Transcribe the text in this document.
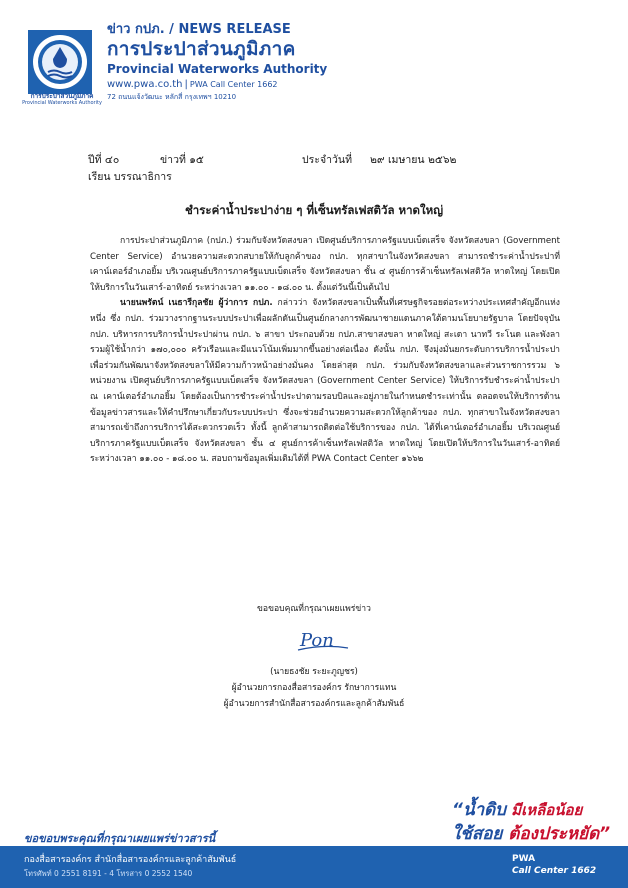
การประปาส่วนภูมิภาค
Provincial Waterworks Authority
ข่าว กปภ. / NEWS RELEASE
การประปาส่วนภูมิภาค
Provincial Waterworks Authority
www.pwa.co.th | PWA Call Center 1662
72 ถนนแจ้งวัฒนะ หลักสี่ กรุงเทพฯ 10210
ปีที่ ๔๐	ข่าวที่ ๑๕	ประจำวันที่ ๒๙ เมษายน ๒๕๖๒
เรียน บรรณาธิการ
ชำระค่าน้ำประปาง่าย ๆ ที่เซ็นทรัลเฟสติวัล หาดใหญ่

การประปาส่วนภูมิภาค (กปภ.) ร่วมกับจังหวัดสงขลา เปิดศูนย์บริการภาครัฐแบบเบ็ดเสร็จ จังหวัดสงขลา (Government Center Service) อำนวยความสะดวกสบายให้กับลูกค้าของ กปภ. ทุกสาขาในจังหวัดสงขลา สามารถชำระค่าน้ำประปาที่เคาน์เตอร์อำเภอยิ้ม บริเวณศูนย์บริการภาครัฐแบบเบ็ดเสร็จ จังหวัดสงขลา ชั้น ๔ ศูนย์การค้าเซ็นทรัลเฟสติวัล หาดใหญ่ โดยเปิดให้บริการในวันเสาร์-อาทิตย์ ระหว่างเวลา ๑๑.๐๐ - ๑๘.๐๐ น. ตั้งแต่วันนี้เป็นต้นไป

นายนพรัตน์ เนธารีกุลชัย ผู้ว่าการ กปภ. กล่าวว่า จังหวัดสงขลาเป็นพื้นที่เศรษฐกิจรอยต่อระหว่างประเทศสำคัญอีกแห่งหนึ่ง ซึ่ง กปภ. ร่วมวางรากฐานระบบประปาเพื่อผลักดันเป็นศูนย์กลางการพัฒนาชายแดนภาคใต้ตามนโยบายรัฐบาล โดยปัจจุบัน กปภ. บริหารการบริการน้ำประปาผ่าน กปภ. ๖ สาขา ประกอบด้วย กปภ.สาขาสงขลา หาดใหญ่ สะเดา นาทวี ระโนด และพังลา รวมผู้ใช้น้ำกว่า ๑๗๐,๐๐๐ ครัวเรือนและมีแนวโน้มเพิ่มมากขึ้นอย่างต่อเนื่อง ดังนั้น กปภ. จึงมุ่งมั่นยกระดับการบริการน้ำประปาเพื่อร่วมกันพัฒนาจังหวัดสงขลาให้มีความก้าวหน้าอย่างมั่นคง โดยล่าสุด กปภ. ร่วมกับจังหวัดสงขลาและส่วนราชการรวม ๖ หน่วยงาน เปิดศูนย์บริการภาครัฐแบบเบ็ดเสร็จ จังหวัดสงขลา (Government Center Service) ให้บริการรับชำระค่าน้ำประปา ณ เคาน์เตอร์อำเภอยิ้ม โดยต้องเป็นการชำระค่าน้ำประปาตามรอบบิลและอยู่ภายในกำหนดชำระเท่านั้น ตลอดจนให้บริการด้านข้อมูลข่าวสารและให้คำปรึกษาเกี่ยวกับระบบประปา ซึ่งจะช่วยอำนวยความสะดวกให้ลูกค้าของ กปภ. ทุกสาขาในจังหวัดสงขลา สามารถเข้าถึงการบริการได้สะดวกรวดเร็ว ทั้งนี้ ลูกค้าสามารถติดต่อใช้บริการของ กปภ. ได้ที่เคาน์เตอร์อำเภอยิ้ม บริเวณศูนย์บริการภาครัฐแบบเบ็ดเสร็จ จังหวัดสงขลา ชั้น ๔ ศูนย์การค้าเซ็นทรัลเฟสติวัล หาดใหญ่ โดยเปิดให้บริการในวันเสาร์-อาทิตย์ ระหว่างเวลา ๑๑.๐๐ - ๑๘.๐๐ น. สอบถามข้อมูลเพิ่มเติมได้ที่ PWA Contact Center ๑๖๖๒

ขอขอบคุณที่กรุณาเผยแพร่ข่าว
Pon
(นายธงชัย ระยะภูญชร)
ผู้อำนวยการกองสื่อสารองค์กร รักษาการแทน
ผู้อำนวยการสำนักสื่อสารองค์กรและลูกค้าสัมพันธ์
“น้ำดิบ มีเหลือน้อย
ใช้สอย ต้องประหยัด”
ขอขอบพระคุณที่กรุณาเผยแพร่ข่าวสารนี้
กองสื่อสารองค์กร สำนักสื่อสารองค์กรและลูกค้าสัมพันธ์
โทรศัพท์ 0 2551 8191 - 4 โทรสาร 0 2552 1540
PWA
Call Center 1662
